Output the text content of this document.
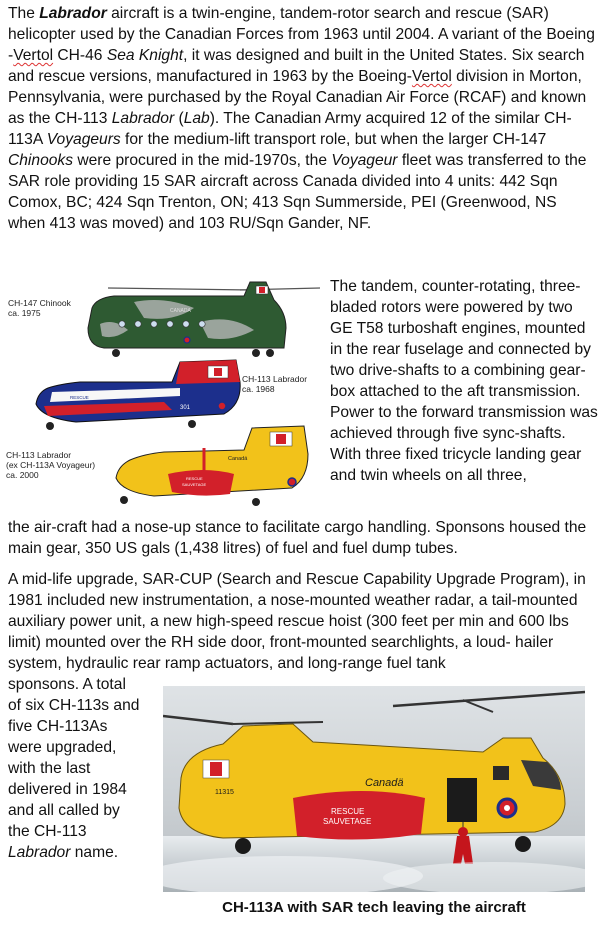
The Labrador aircraft is a twin-engine, tandem-rotor search and rescue (SAR) helicopter used by the Canadian Forces from 1963 until 2004. A variant of the Boeing -Vertol CH-46 Sea Knight, it was designed and built in the United States. Six search and rescue versions, manufactured in 1963 by the Boeing-Vertol division in Morton, Pennsylvania, were purchased by the Royal Canadian Air Force (RCAF) and known as the CH-113 Labrador (Lab). The Canadian Army acquired 12 of the similar CH-113A Voyageurs for the medium-lift transport role, but when the larger CH-147 Chinooks were procured in the mid-1970s, the Voyageur fleet was transferred to the SAR role providing 15 SAR aircraft across Canada divided into 4 units: 442 Sqn Comox, BC; 424 Sqn Trenton, ON; 413 Sqn Summerside, PEI (Greenwood, NS when 413 was moved) and 103 RU/Sqn Gander, NF.

CANADA
CH-147 Chinook
ca. 1975
RESCUE
301
CH-113 Labrador
ca. 1968
Canadá
RESCUE
SAUVETAGE
CH-113 Labrador
(ex CH-113A Voyageur)
ca. 2000

The tandem, counter-rotating, three-bladed rotors were powered by two GE T58 turboshaft engines, mounted in the rear fuselage and connected by two drive-shafts to a combining gear-box attached to the aft transmission. Power to the forward transmission was achieved through five sync-shafts. With three fixed tricycle landing gear and twin wheels on all three,

the air-craft had a nose-up stance to facilitate cargo handling. Sponsons housed the main gear, 350 US gals (1,438 litres) of fuel and fuel dump tubes.

A mid-life upgrade, SAR-CUP (Search and Rescue Capability Upgrade Program), in 1981 included new instrumentation, a nose-mounted weather radar, a tail-mounted auxiliary power unit, a new high-speed rescue hoist (300 feet per min and 600 lbs limit) mounted over the RH side door, front-mounted searchlights, a loud- hailer system, hydraulic rear ramp actuators, and long-range fuel tank

sponsons. A total of six CH-113s and five CH-113As were upgraded, with the last delivered in 1984 and all called by the CH-113 Labrador name.

Canadä
11315
RESCUE
SAUVETAGE
CH-113A with SAR tech leaving the aircraft
